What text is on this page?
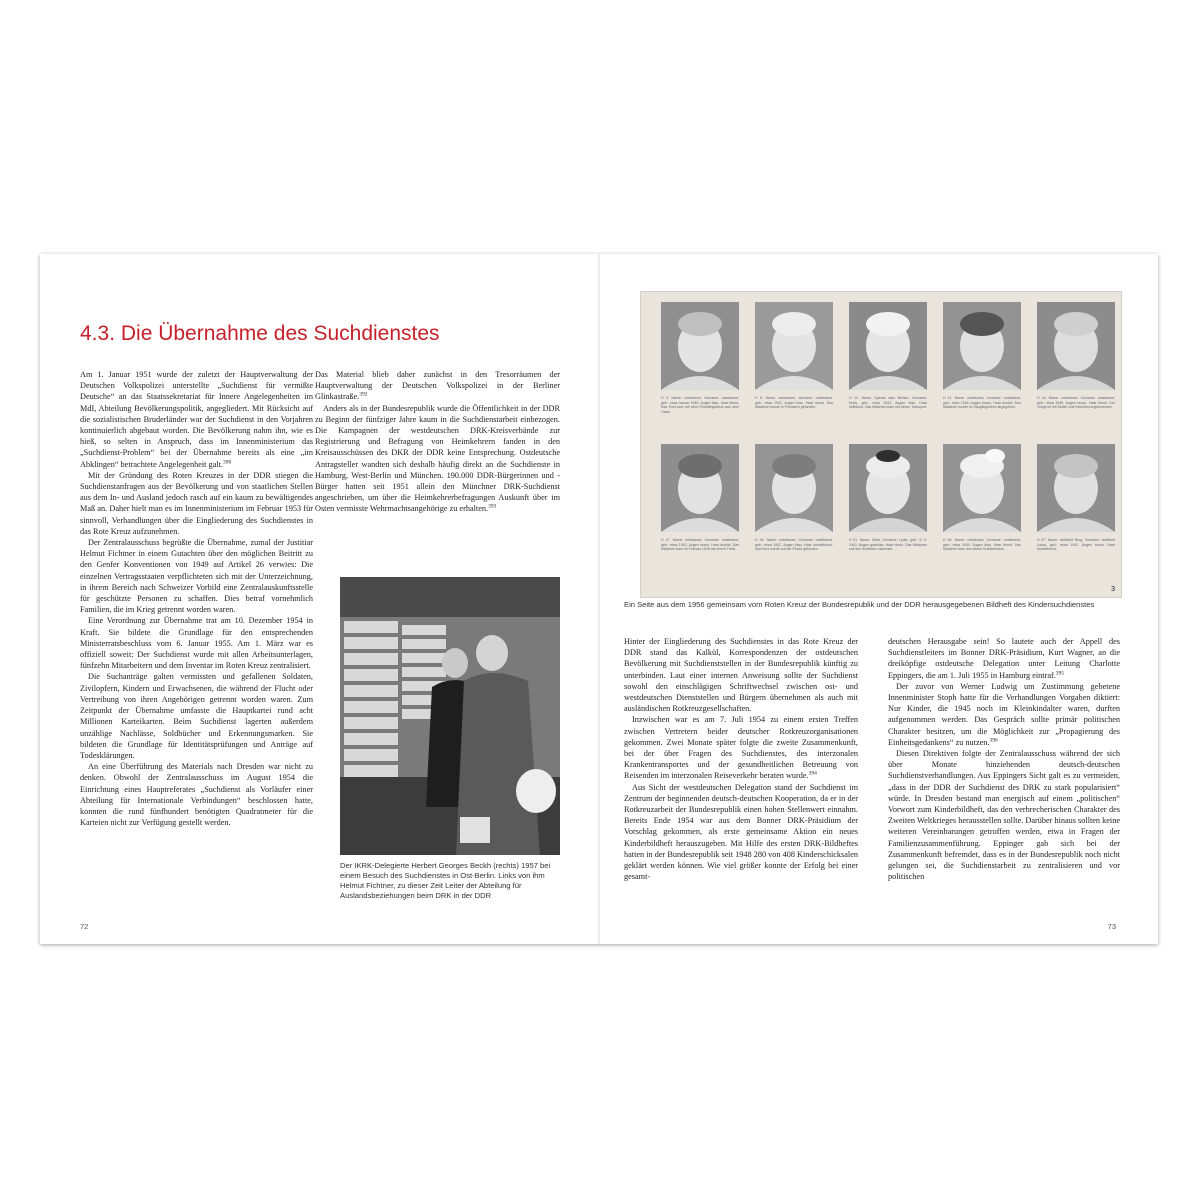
4.3. Die Übernahme des Suchdienstes

Am 1. Januar 1951 wurde der zuletzt der Hauptverwaltung der Deutschen Volkspolizei unterstellte „Suchdienst für vermißte Deutsche“ an das Staatssekretariat für Innere Angelegenheiten im MdI, Abteilung Bevölkerungspolitik, angegliedert. Mit Rücksicht auf die sozialistischen Bruderländer war der Suchdienst in den Vorjahren kontinuierlich abgebaut worden. Die Bevölkerung nahm ihn, wie es hieß, so selten in Anspruch, dass im Innenministerium das „Suchdienst-Problem“ bei der Übernahme bereits als eine „im Abklingen“ betrachtete Angelegenheit galt.$^{390}$

Mit der Gründung des Roten Kreuzes in der DDR stiegen die Suchdienstanfragen aus der Bevölkerung und von staatlichen Stellen aus dem In- und Ausland jedoch rasch auf ein kaum zu bewältigendes Maß an. Daher hielt man es im Innenministerium im Februar 1953 für sinnvoll, Verhandlungen über die Eingliederung des Suchdienstes in das Rote Kreuz aufzunehmen.

Der Zentralausschuss begrüßte die Übernahme, zumal der Justitiar Helmut Fichtner in einem Gutachten über den möglichen Beitritt zu den Genfer Konventionen von 1949 auf Artikel 26 verwies: Die einzelnen Vertragsstaaten verpflichteten sich mit der Unterzeichnung, in ihrem Bereich nach Schweizer Vorbild eine Zentralauskunftsstelle für geschützte Personen zu schaffen. Dies betraf vornehmlich Familien, die im Krieg getrennt worden waren.

Eine Verordnung zur Übernahme trat am 10. Dezember 1954 in Kraft. Sie bildete die Grundlage für den entsprechenden Ministerratsbeschluss vom 6. Januar 1955. Am 1. März war es offiziell soweit: Der Suchdienst wurde mit allen Arbeitsunterlagen, fünfzehn Mitarbeitern und dem Inventar im Roten Kreuz zentralisiert.

Die Suchanträge galten vermissten und gefallenen Soldaten, Zivilopfern, Kindern und Erwachsenen, die während der Flucht oder Vertreibung von ihren Angehörigen getrennt worden waren. Zum Zeitpunkt der Übernahme umfasste die Hauptkartei rund acht Millionen Karteikarten. Beim Suchdienst lagerten außerdem unzählige Nachlässe, Soldbücher und Erkennungsmarken. Sie bildeten die Grundlage für Identitätsprüfungen und Anträge auf Todesklärungen.

An eine Überführung des Materials nach Dresden war nicht zu denken. Obwohl der Zentralausschuss im August 1954 die Einrichtung eines Hauptreferates „Suchdienst als Vorläufer einer Abteilung für Internationale Verbindungen“ beschlossen hatte, konnten die rund fünfhundert benötigten Quadratmeter für die Karteien nicht zur Verfügung gestellt werden.

Das Material blieb daher zunächst in den Tresorräumen der Hauptverwaltung der Deutschen Volkspolizei in der Berliner Glinkastraße.$^{392}$

Anders als in der Bundesrepublik wurde die Öffentlichkeit in der DDR zu Beginn der fünfziger Jahre kaum in die Suchdienstarbeit einbezogen. Die Kampagnen der westdeutschen DRK-Kreisverbände zur Registrierung und Befragung von Heimkehrern fanden in den Kreisausschüssen des DKR der DDR keine Entsprechung. Ostdeutsche Antragsteller wandten sich deshalb häufig direkt an die Suchdienste in Hamburg, West-Berlin und München. 190.000 DDR-Bürgerinnen und -Bürger hatten seit 1951 allein den Münchner DRK-Suchdienst angeschrieben, um über die Heimkehrerbefragungen Auskunft über im Osten vermisste Wehrmachtsangehörige zu erhalten.$^{393}$

Der IKRK-Delegierte Herbert Georges Beckh (rechts) 1957 bei einem Besuch des Suchdienstes in Ost-Berlin. Links von ihm Helmut Fichtner, zu dieser Zeit Leiter der Abteilung für Auslandsbeziehungen beim DRK in der DDR
H 3. Name: unbekannt, Vorname: unbekannt, geb.: etwa Januar 1945, Augen blau, Haar blond. Das Kind kam mit dem Flüchtlingstreck aus dem Osten.
H 8. Name: unbekannt, Vorname: unbekannt, geb.: etwa 1942, Augen blau, Haar blond. Das Mädchen wurde in Pommern gefunden.
H 13. Name: Sperka oder Behlau, Vorname: Doris, geb.: etwa 1941, Augen blau, Haar hellblond. Das Mädchen kam mit einem Transport.
H 41. Name: unbekannt, Vorname: unbekannt, geb.: etwa 1944, Augen braun, Haar dunkel. Das Mädchen wurde im Säuglingsheim abgegeben.
H 44. Name: unbekannt, Vorname: unbekannt, geb.: etwa 1945, Augen braun, Haar blond. Der Junge ist mit Mutter und Kleinkind angekommen.
H 47. Name: unbekannt, Vorname: unbekannt, geb.: etwa 1943, Augen braun, Haar dunkel. Das Mädchen kam im Februar 1945 mit einem Treck.
H 49. Name: unbekannt, Vorname: unbekannt, geb.: etwa 1942, Augen blau, Haar dunkelblond. Das Kind wurde auf der Flucht gefunden.
H 51. Name: Geist, Vorname: Lydia, geb.: 5. 6. 1942, Augen graublau, Haar blond. Das Mädchen soll aus Schlesien stammen.
H 54. Name: unbekannt, Vorname: unbekannt, geb.: etwa 1944, Augen blau, Haar blond. Das Mädchen kam aus einem Krankenhaus.
H 57. Name: vielleicht Burg, Vorname: vielleicht Laura, geb.: etwa 1942, Augen braun, Haar dunkelblond.
3
Ein Seite aus dem 1956 gemeinsam vom Roten Kreuz der Bundesrepublik und der DDR herausgegebenen Bildheft des Kindersuchdienstes

Hinter der Eingliederung des Suchdienstes in das Rote Kreuz der DDR stand das Kalkül, Korrespondenzen der ostdeutschen Bevölkerung mit Suchdienststellen in der Bundesrepublik künftig zu unterbinden. Laut einer internen Anweisung sollte der Suchdienst sowohl den einschlägigen Schriftwechsel zwischen ost- und westdeutschen Dienststellen und Bürgern übernehmen als auch mit ausländischen Rotkreuzgesellschaften.

Inzwischen war es am 7. Juli 1954 zu einem ersten Treffen zwischen Vertretern beider deutscher Rotkreuzorganisationen gekommen. Zwei Monate später folgte die zweite Zusammenkunft, bei der über Fragen des Suchdienstes, des interzonalen Krankentransportes und der gesundheitlichen Betreuung von Reisenden im interzonalen Reiseverkehr beraten wurde.$^{394}$

Aus Sicht der westdeutschen Delegation stand der Suchdienst im Zentrum der beginnenden deutsch-deutschen Kooperation, da er in der Rotkreuzarbeit der Bundesrepublik einen hohen Stellenwert einnahm. Bereits Ende 1954 war aus dem Bonner DRK-Präsidium der Vorschlag gekommen, als erste gemeinsame Aktion ein neues Kinderbildheft herauszugeben. Mit Hilfe des ersten DRK-Bildheftes hatten in der Bundesrepublik seit 1948 280 von 408 Kinderschicksalen geklärt werden können. Wie viel größer konnte der Erfolg bei einer gesamt-

deutschen Herausgabe sein! So lautete auch der Appell des Suchdienstleiters im Bonner DRK-Präsidium, Kurt Wagner, an die dreiköpfige ostdeutsche Delegation unter Leitung Charlotte Eppingers, die am 1. Juli 1955 in Hamburg eintraf.$^{395}$

Der zuvor von Werner Ludwig um Zustimmung gebetene Innenminister Stoph hatte für die Verhandlungen Vorgaben diktiert: Nur Kinder, die 1945 noch im Kleinkindalter waren, durften aufgenommen werden. Das Gespräch sollte primär politischen Charakter besitzen, um die Möglichkeit zur „Propagierung des Einheitsgedankens“ zu nutzen.$^{396}$

Diesen Direktiven folgte der Zentralausschuss während der sich über Monate hinziehenden deutsch-deutschen Suchdienstverhandlungen. Aus Eppingers Sicht galt es zu vermeiden, „dass in der DDR der Suchdienst des DRK zu stark popularisiert“ würde. In Dresden bestand man energisch auf einem „politischen“ Vorwort zum Kinderbildheft, das den verbrecherischen Charakter des Zweiten Weltkrieges herausstellen sollte. Darüber hinaus sollten keine weiteren Vereinbarungen getroffen werden, etwa in Fragen der Familienzusammenführung. Eppinger gab sich bei der Zusammenkunft befremdet, dass es in der Bundesrepublik noch nicht gelungen sei, die Suchdienstarbeit zu zentralisieren und vor politischen

72	73
